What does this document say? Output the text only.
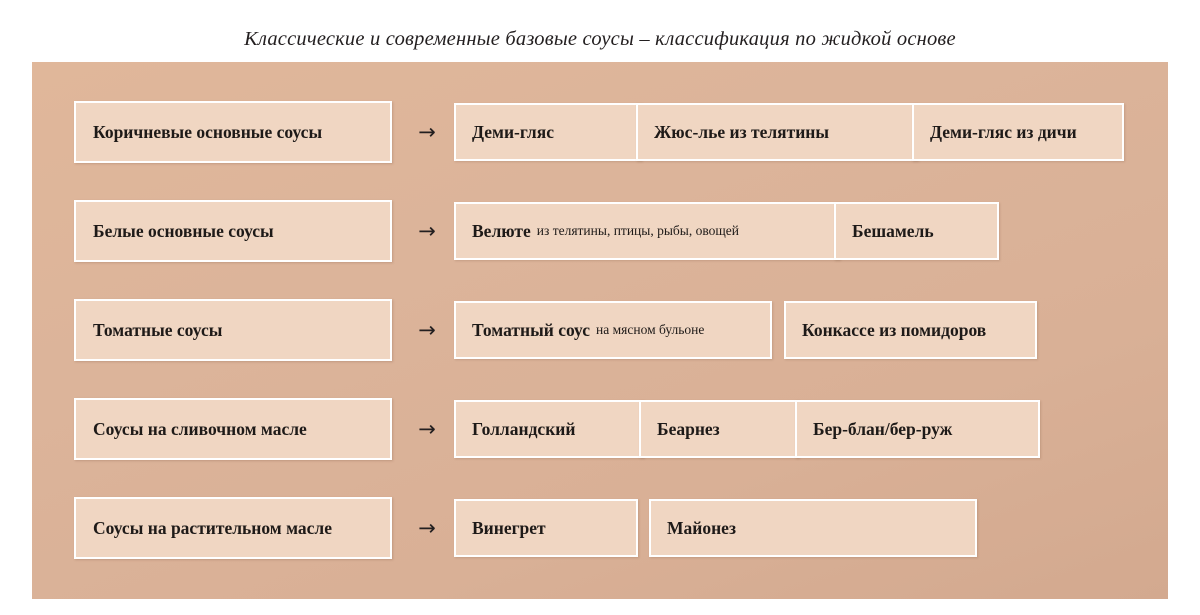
Классические и современные базовые соусы – классификация по жидкой основе
Коричневые основные соусы	→	Деми-гляс	Жюс-лье из телятины	Деми-гляс из дичи
Белые основные соусы	→	Велюте из телятины, птицы, рыбы, овощей	Бешамель
Томатные соусы	→	Томатный соус на мясном бульоне	Конкассе из помидоров
Соусы на сливочном масле	→	Голландский	Беарнез	Бер-блан/бер-руж
Соусы на растительном масле	→	Винегрет	Майонез
